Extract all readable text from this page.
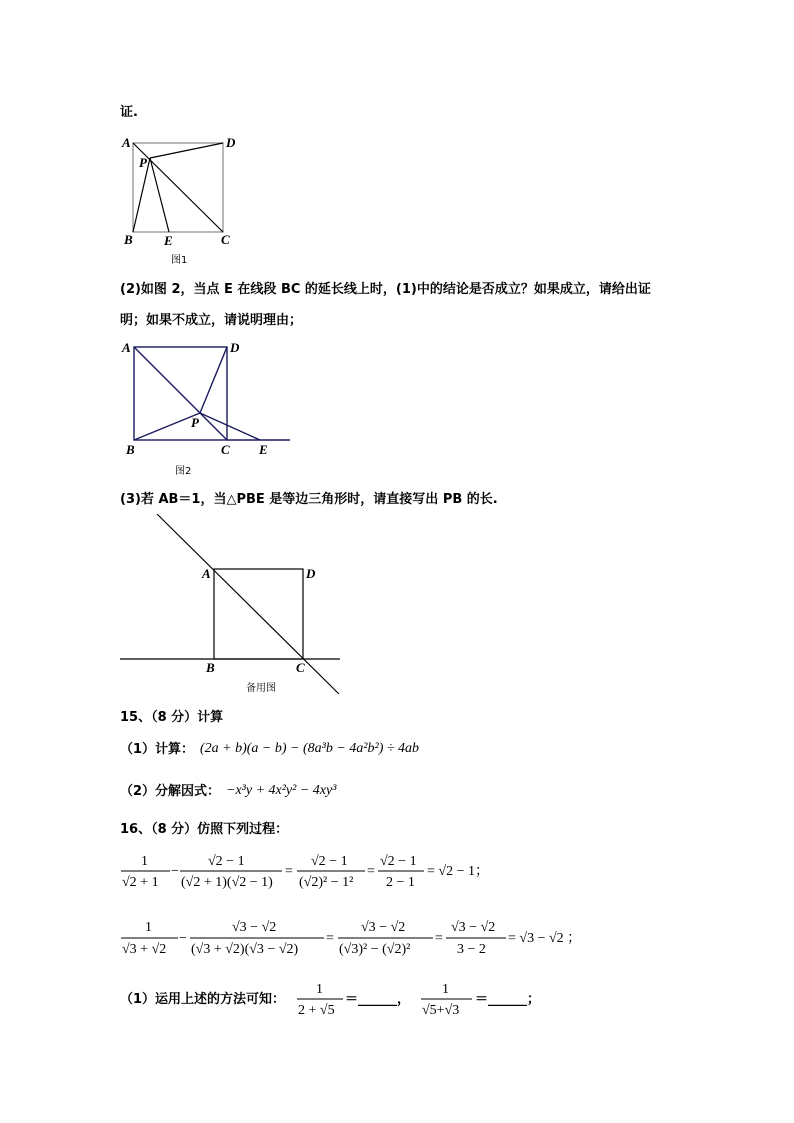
证.
A
P
D
B E	C
图1
A	D
P
B	C E
图2
A	D
B	C
备用图
(2)如图 2，当点 E 在线段 BC 的延长线上时，(1)中的结论是否成立？如果成立，请给出证
明；如果不成立，请说明理由；
(3)若 AB＝1，当△PBE 是等边三角形时，请直接写出 PB 的长.
15、（8 分）计算
（1）计算： (2a + b)(a − b) − (8a³b − 4a²b²) ÷ 4ab
（2）分解因式： −x³y + 4x²y² − 4xy³
16、（8 分）仿照下列过程：
1
√2 + 1
−
√2 − 1
(√2 + 1)(√2 − 1)
=
√2 − 1
(√2)² − 1²
=
√2 − 1
2 − 1
= √2 − 1；
1
√3 + √2
−
√3 − √2
(√3 + √2)(√3 − √2)
=
√3 − √2
(√3)² − (√2)²
=
√3 − √2
3 − 2
= √3 − √2 ；
（1）运用上述的方法可知：
1
2 + √5
＝______，
1
√5+√3
＝______；
